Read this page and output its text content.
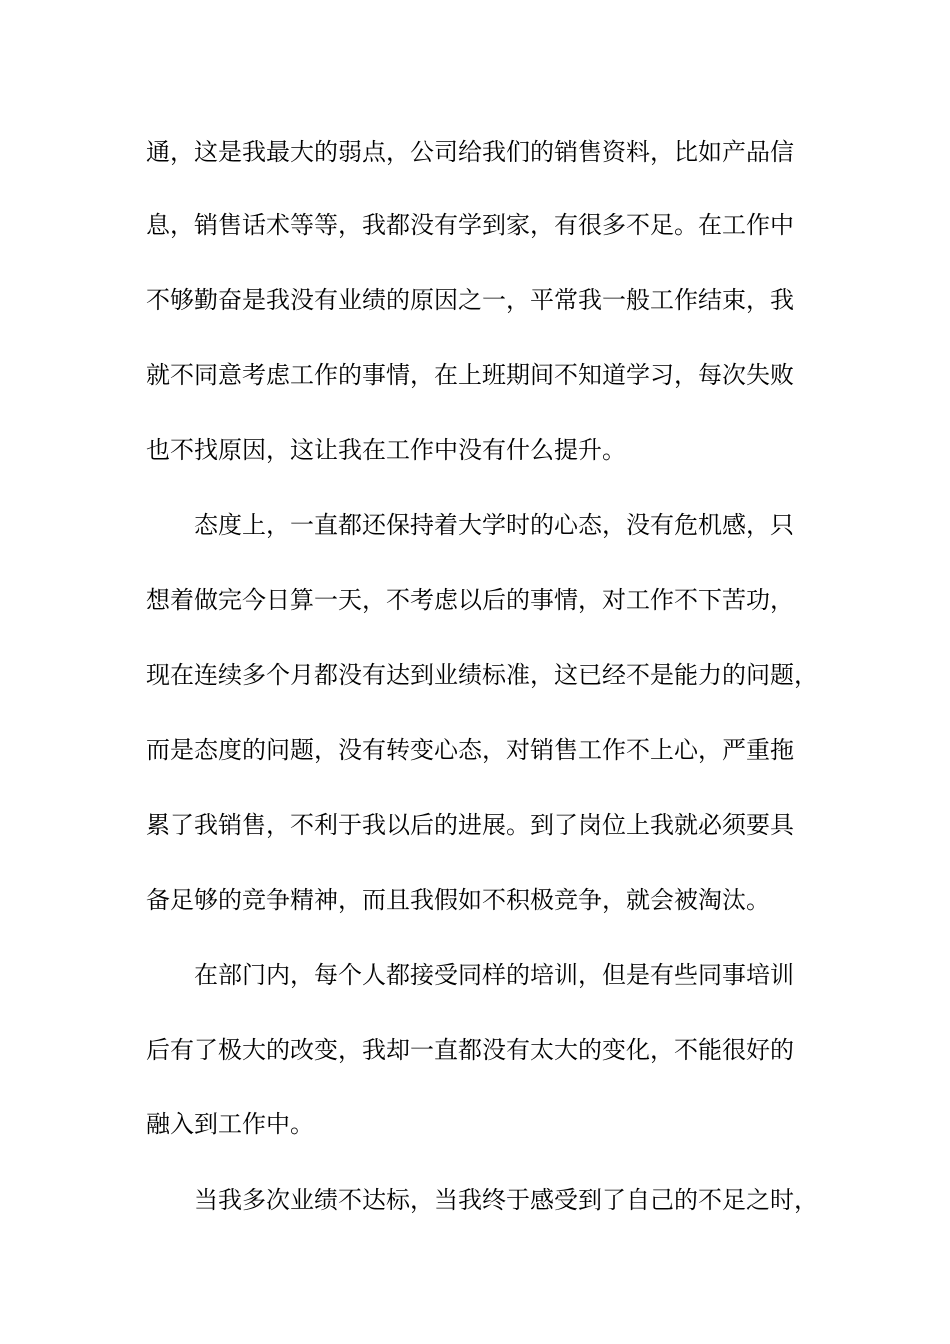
通，这是我最大的弱点，公司给我们的销售资料，比如产品信

息，销售话术等等，我都没有学到家，有很多不足。在工作中

不够勤奋是我没有业绩的原因之一，平常我一般工作结束，我

就不同意考虑工作的事情，在上班期间不知道学习，每次失败

也不找原因，这让我在工作中没有什么提升。

态度上，一直都还保持着大学时的心态，没有危机感，只

想着做完今日算一天，不考虑以后的事情，对工作不下苦功，

现在连续多个月都没有达到业绩标准，这已经不是能力的问题，

而是态度的问题，没有转变心态，对销售工作不上心，严重拖

累了我销售，不利于我以后的进展。到了岗位上我就必须要具

备足够的竞争精神，而且我假如不积极竞争，就会被淘汰。

在部门内，每个人都接受同样的培训，但是有些同事培训

后有了极大的改变，我却一直都没有太大的变化，不能很好的

融入到工作中。

当我多次业绩不达标，当我终于感受到了自己的不足之时，
